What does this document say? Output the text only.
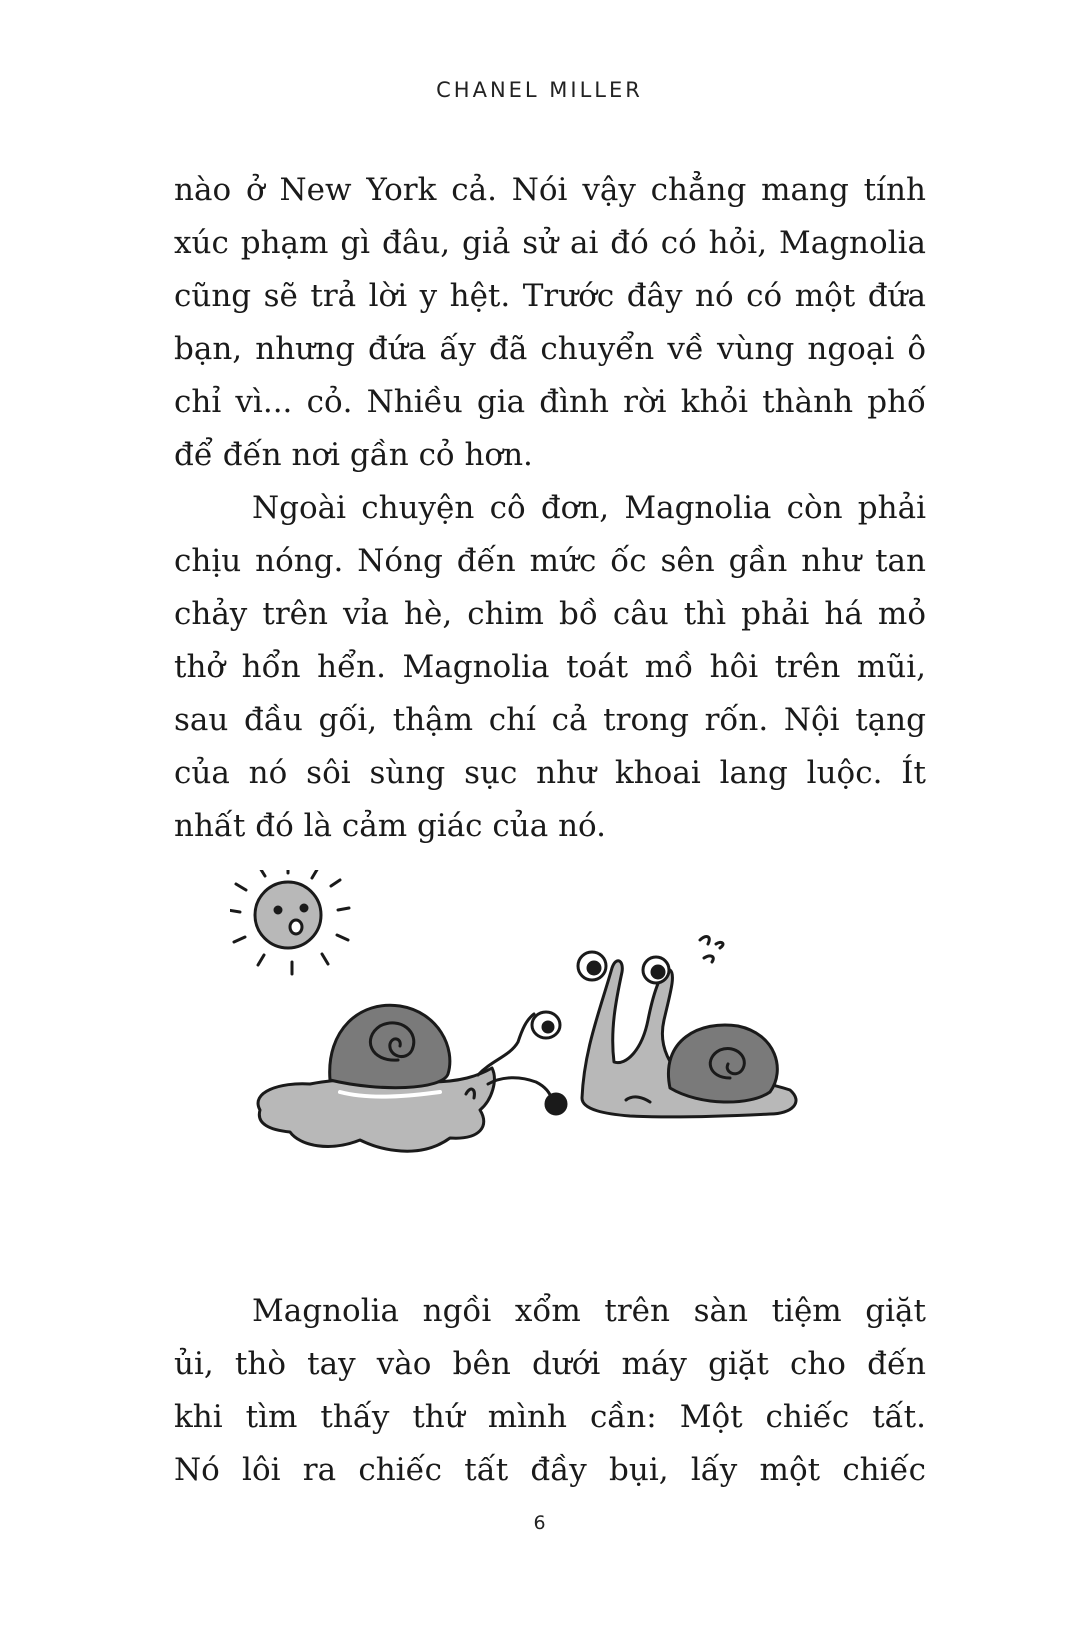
CHANEL MILLER
nào ở New York cả. Nói vậy chẳng mang tính
xúc phạm gì đâu, giả sử ai đó có hỏi, Magnolia
cũng sẽ trả lời y hệt. Trước đây nó có một đứa
bạn, nhưng đứa ấy đã chuyển về vùng ngoại ô
chỉ vì... cỏ. Nhiều gia đình rời khỏi thành phố
để đến nơi gần cỏ hơn.
Ngoài chuyện cô đơn, Magnolia còn phải
chịu nóng. Nóng đến mức ốc sên gần như tan
chảy trên vỉa hè, chim bồ câu thì phải há mỏ
thở hổn hển. Magnolia toát mồ hôi trên mũi,
sau đầu gối, thậm chí cả trong rốn. Nội tạng
của nó sôi sùng sục như khoai lang luộc. Ít
nhất đó là cảm giác của nó.
Magnolia ngồi xổm trên sàn tiệm giặt
ủi, thò tay vào bên dưới máy giặt cho đến
khi tìm thấy thứ mình cần: Một chiếc tất.
Nó lôi ra chiếc tất đầy bụi, lấy một chiếc
6
